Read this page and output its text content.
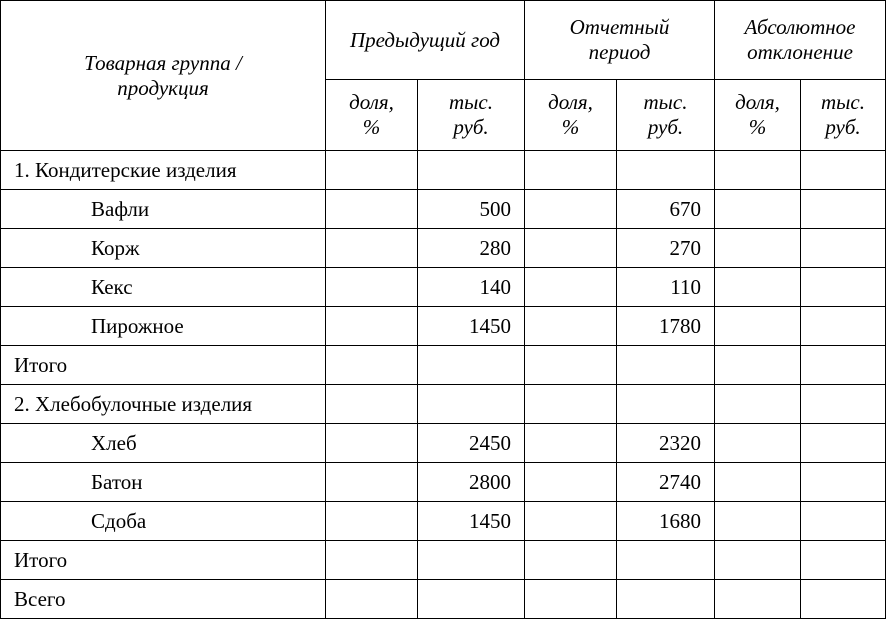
Товарная группа / продукция	Предыдущий год		Отчетный период		Абсолютное отклонение	
	доля, %	тыс. руб.	доля, %	тыс. руб.	доля, %	тыс. руб.
1. Кондитерские изделия						
Вафли		500		670		
Корж		280		270		
Кекс		140		110		
Пирожное		1450		1780		
Итого						
2. Хлебобулочные изделия						
Хлеб		2450		2320		
Батон		2800		2740		
Сдоба		1450		1680		
Итого						
Всего						
